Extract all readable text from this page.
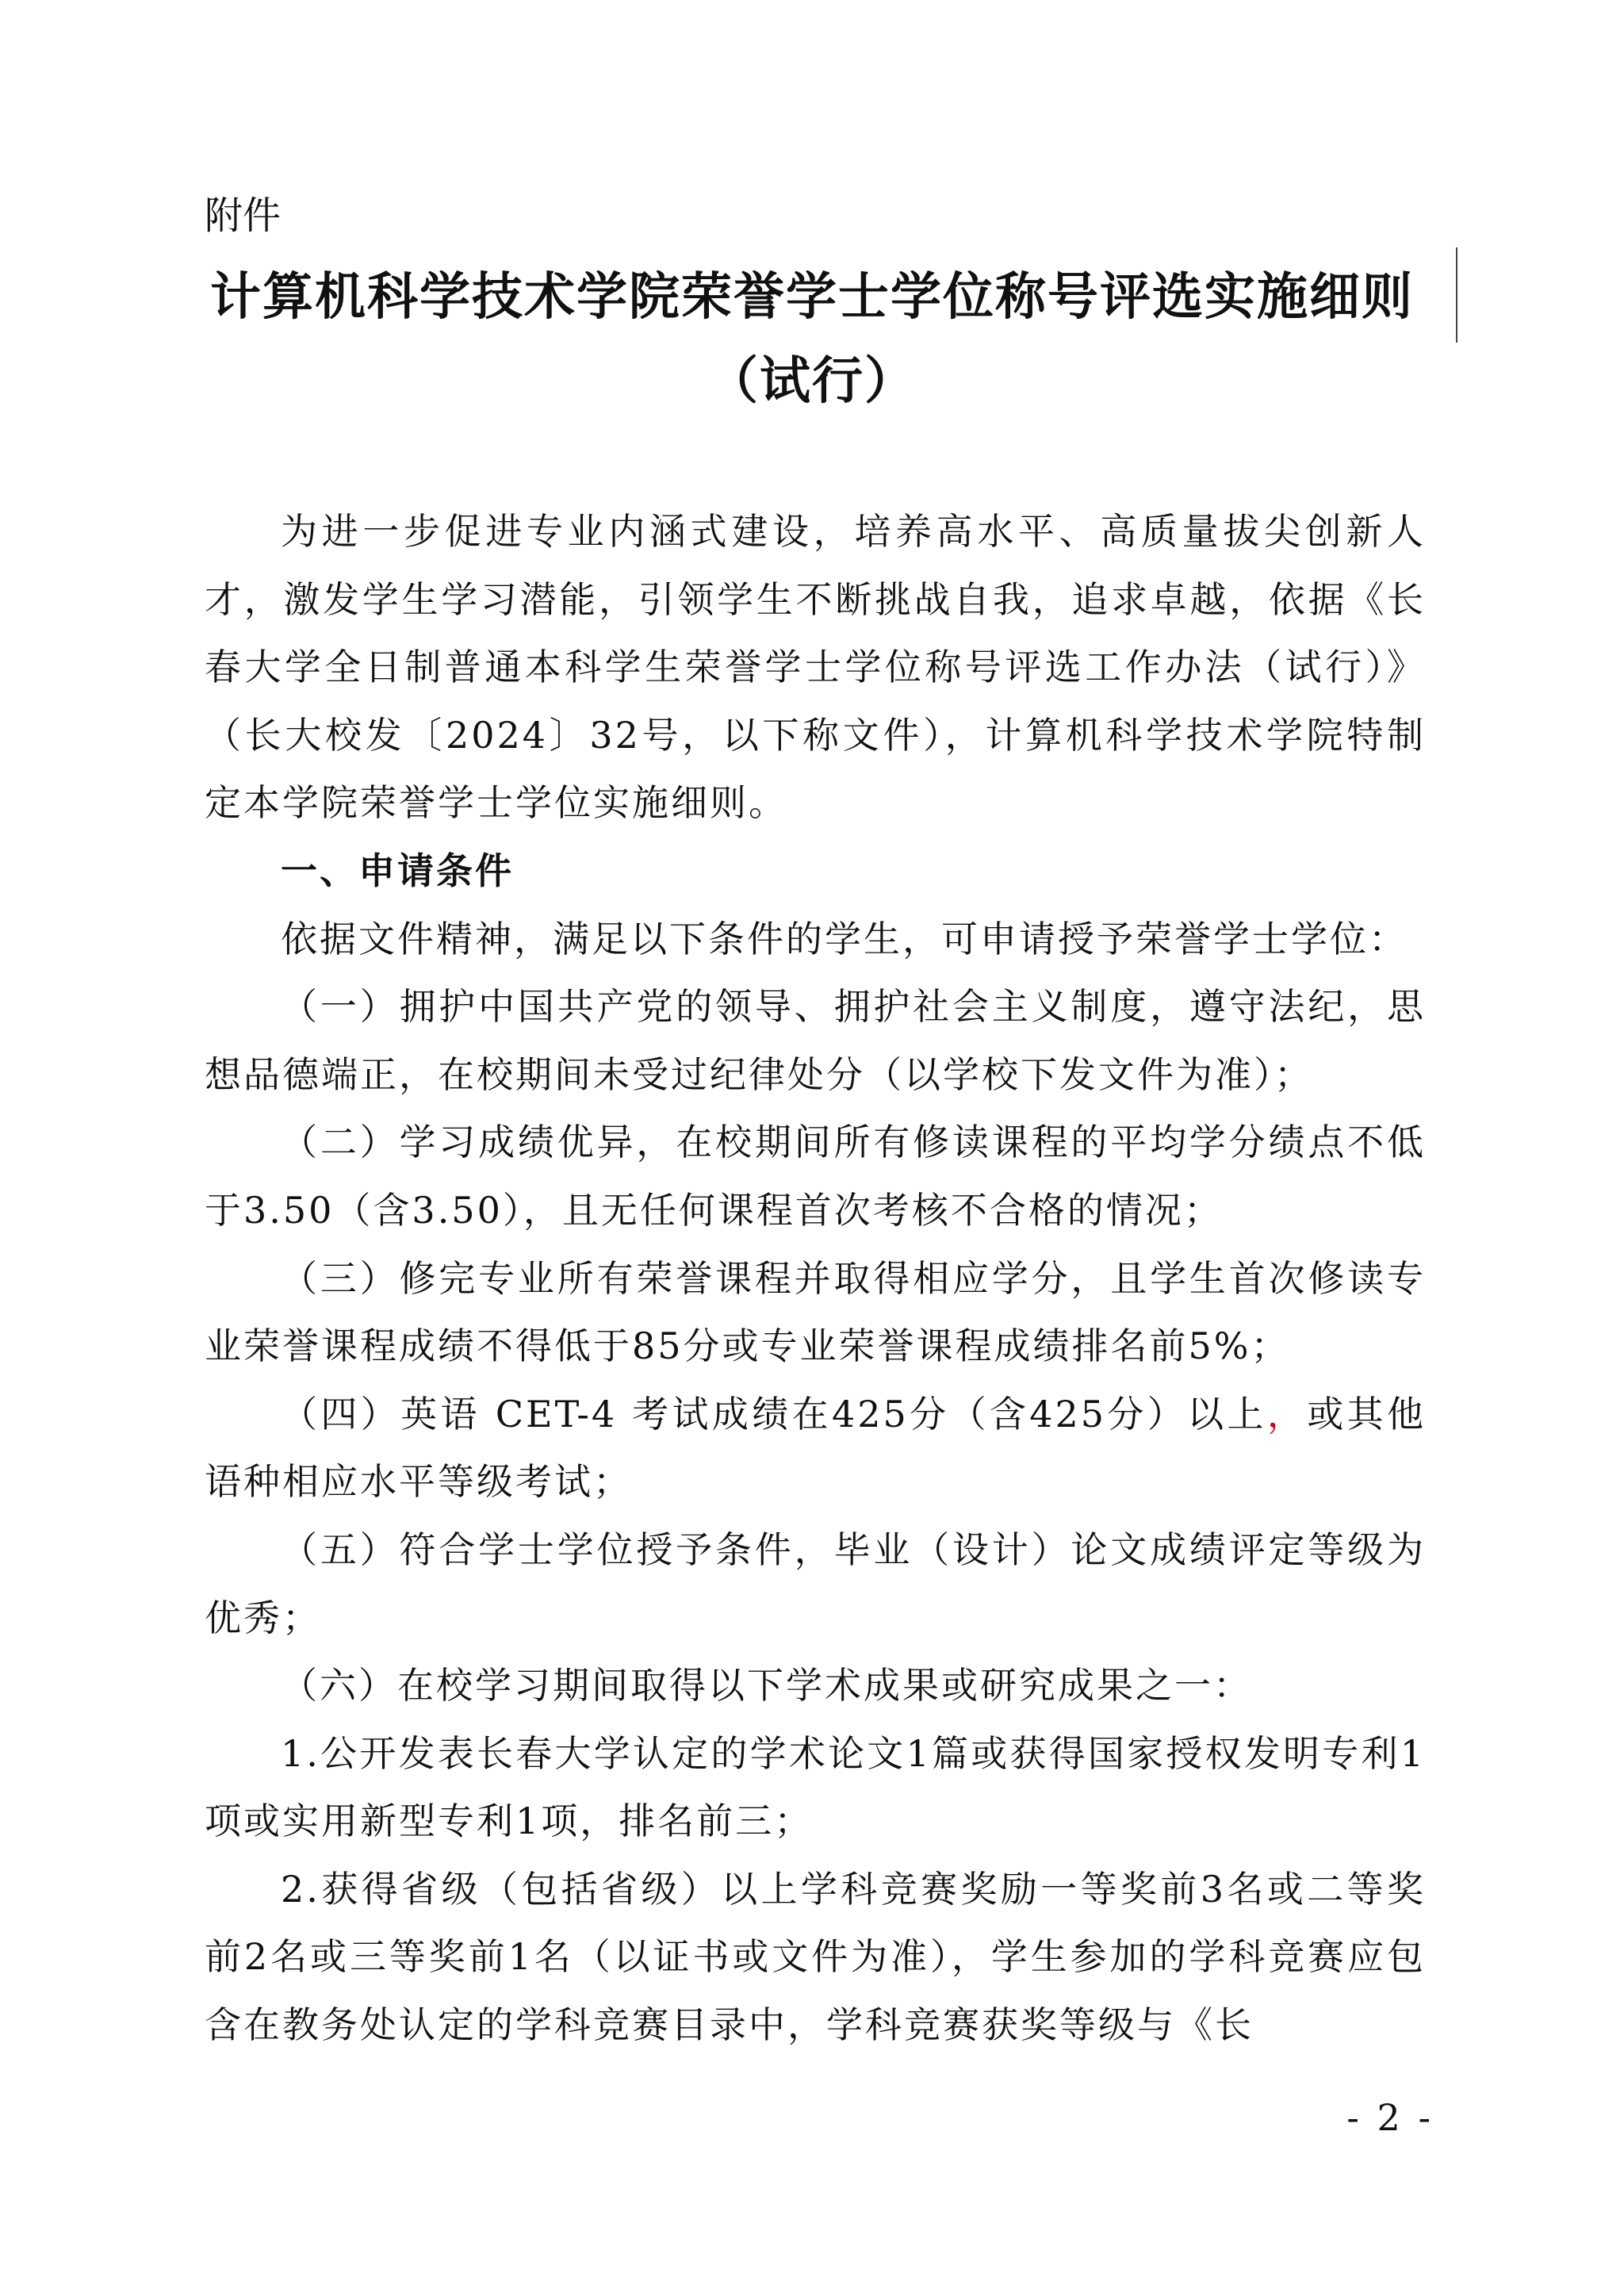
附件
计算机科学技术学院荣誉学士学位称号评选实施细则
（试行）

为进一步促进专业内涵式建设，培养高水平、高质量拔尖创新人才，激发学生学习潜能，引领学生不断挑战自我，追求卓越，依据《长春大学全日制普通本科学生荣誉学士学位称号评选工作办法（试行）》（长大校发〔2024〕32号，以下称文件），计算机科学技术学院特制定本学院荣誉学士学位实施细则。

一、申请条件

依据文件精神，满足以下条件的学生，可申请授予荣誉学士学位：

（一）拥护中国共产党的领导、拥护社会主义制度，遵守法纪，思想品德端正，在校期间未受过纪律处分（以学校下发文件为准）；

（二）学习成绩优异，在校期间所有修读课程的平均学分绩点不低于3.50（含3.50），且无任何课程首次考核不合格的情况；

（三）修完专业所有荣誉课程并取得相应学分，且学生首次修读专业荣誉课程成绩不得低于85分或专业荣誉课程成绩排名前5%；

（四）英语 CET-4 考试成绩在425分（含425分）以上，或其他语种相应水平等级考试；

（五）符合学士学位授予条件，毕业（设计）论文成绩评定等级为优秀；

（六）在校学习期间取得以下学术成果或研究成果之一：

1.公开发表长春大学认定的学术论文1篇或获得国家授权发明专利1项或实用新型专利1项，排名前三；

2.获得省级（包括省级）以上学科竞赛奖励一等奖前3名或二等奖前2名或三等奖前1名（以证书或文件为准），学生参加的学科竞赛应包含在教务处认定的学科竞赛目录中，学科竞赛获奖等级与《长

- 2 -
